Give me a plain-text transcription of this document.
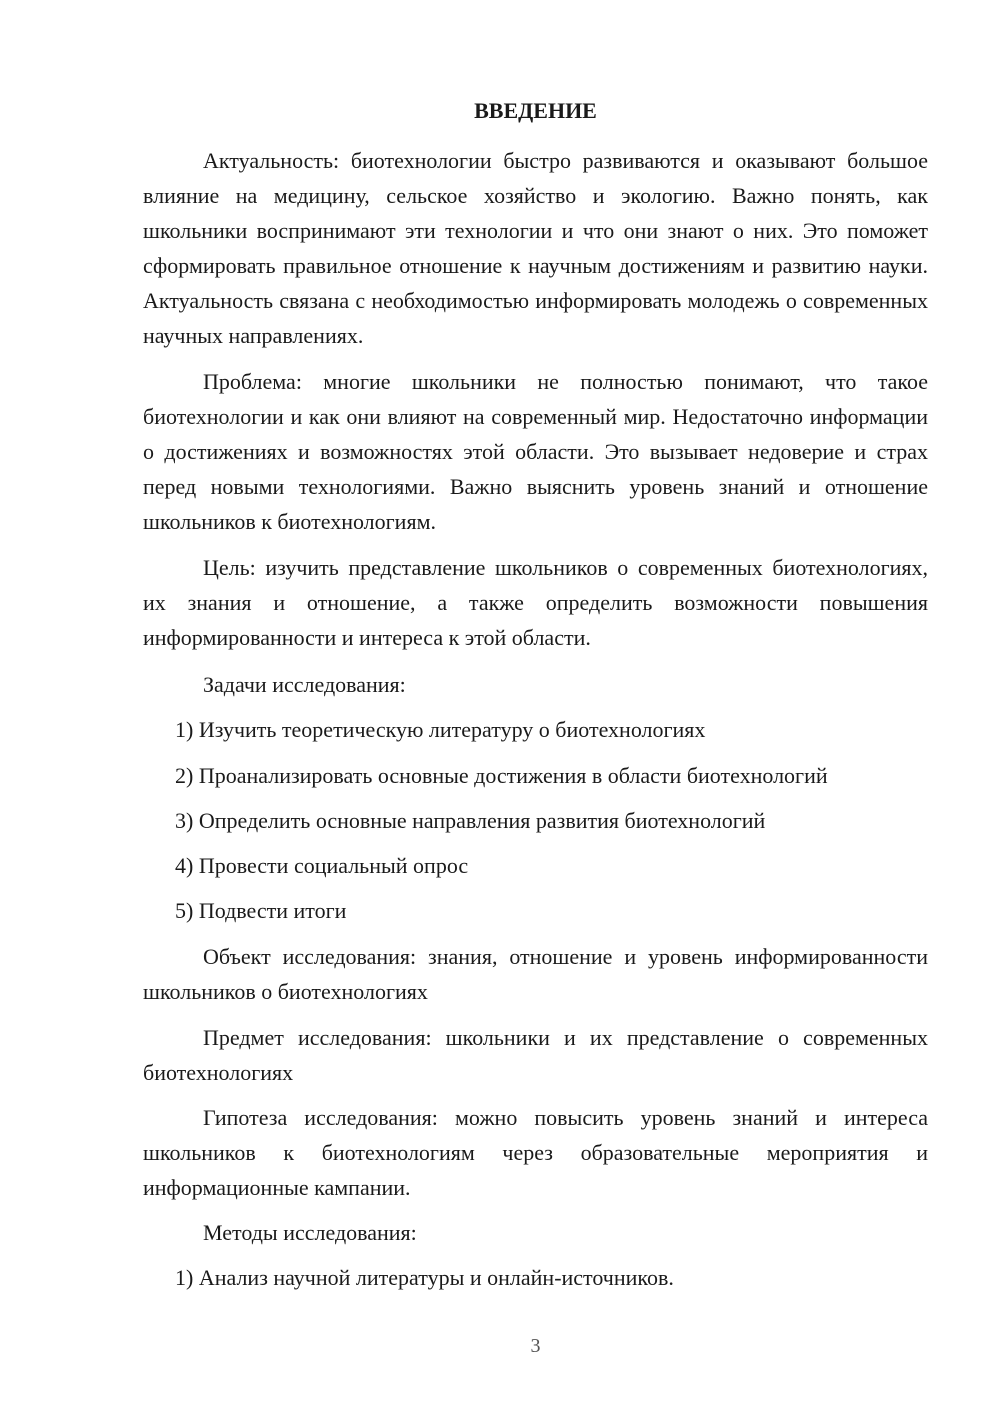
ВВЕДЕНИЕ

Актуальность: биотехнологии быстро развиваются и оказывают большое влияние на медицину, сельское хозяйство и экологию. Важно понять, как школьники воспринимают эти технологии и что они знают о них. Это поможет сформировать правильное отношение к научным достижениям и развитию науки. Актуальность связана с необходимостью информировать молодежь о современных научных направлениях.

Проблема: многие школьники не полностью понимают, что такое биотехнологии и как они влияют на современный мир. Недостаточно информации о достижениях и возможностях этой области. Это вызывает недоверие и страх перед новыми технологиями. Важно выяснить уровень знаний и отношение школьников к биотехнологиям.

Цель: изучить представление школьников о современных биотехнологиях, их знания и отношение, а также определить возможности повышения информированности и интереса к этой области.

Задачи исследования:

1) Изучить теоретическую литературу о биотехнологиях

2) Проанализировать основные достижения в области биотехнологий

3) Определить основные направления развития биотехнологий

4) Провести социальный опрос

5) Подвести итоги

Объект исследования: знания, отношение и уровень информированности школьников о биотехнологиях

Предмет исследования: школьники и их представление о современных биотехнологиях

Гипотеза исследования: можно повысить уровень знаний и интереса школьников к биотехнологиям через образовательные мероприятия и информационные кампании.

Методы исследования:

1) Анализ научной литературы и онлайн-источников.

3
